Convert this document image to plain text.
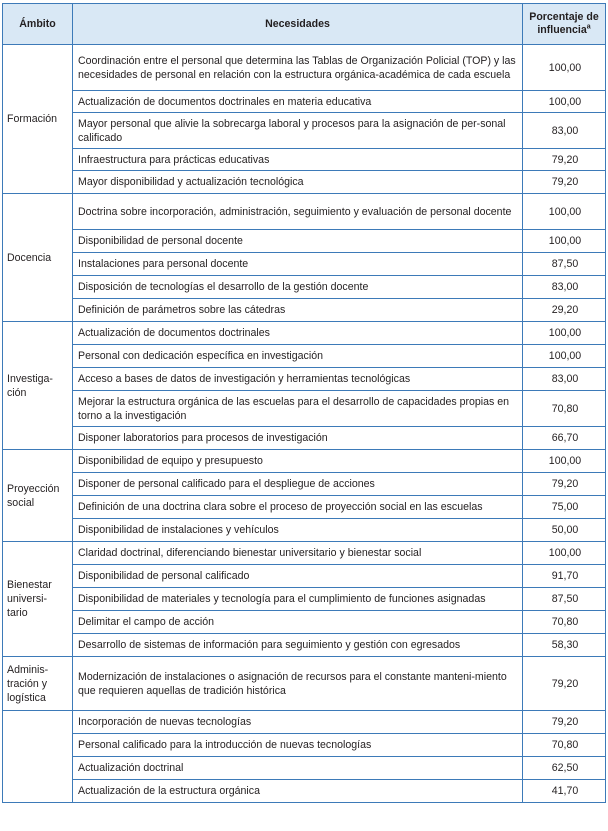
Ámbito	Necesidades	Porcentaje de
influencia$^a$
Formación	Coordinación entre el personal que determina las Tablas de Organización Policial (TOP) y las necesidades de personal en relación con la estructura orgánica-académica de cada escuela	100,00
	Actualización de documentos doctrinales en materia educativa	100,00
	Mayor personal que alivie la sobrecarga laboral y procesos para la asignación de per-sonal calificado	83,00
	Infraestructura para prácticas educativas	79,20
	Mayor disponibilidad y actualización tecnológica	79,20
Docencia	Doctrina sobre incorporación, administración, seguimiento y evaluación de personal docente	100,00
	Disponibilidad de personal docente	100,00
	Instalaciones para personal docente	87,50
	Disposición de tecnologías el desarrollo de la gestión docente	83,00
	Definición de parámetros sobre las cátedras	29,20
Investiga-
ción	Actualización de documentos doctrinales	100,00
	Personal con dedicación específica en investigación	100,00
	Acceso a bases de datos de investigación y herramientas tecnológicas	83,00
	Mejorar la estructura orgánica de las escuelas para el desarrollo de capacidades propias en torno a la investigación	70,80
	Disponer laboratorios para procesos de investigación	66,70
Proyección
social	Disponibilidad de equipo y presupuesto	100,00
	Disponer de personal calificado para el despliegue de acciones	79,20
	Definición de una doctrina clara sobre el proceso de proyección social en las escuelas	75,00
	Disponibilidad de instalaciones y vehículos	50,00
Bienestar
universi-
tario	Claridad doctrinal, diferenciando bienestar universitario y bienestar social	100,00
	Disponibilidad de personal calificado	91,70
	Disponibilidad de materiales y tecnología para el cumplimiento de funciones asignadas	87,50
	Delimitar el campo de acción	70,80
	Desarrollo de sistemas de información para seguimiento y gestión con egresados	58,30
Adminis-
tración y
logística	Modernización de instalaciones o asignación de recursos para el constante manteni-miento que requieren aquellas de tradición histórica	79,20
	Incorporación de nuevas tecnologías	79,20
	Personal calificado para la introducción de nuevas tecnologías	70,80
	Actualización doctrinal	62,50
	Actualización de la estructura orgánica	41,70
